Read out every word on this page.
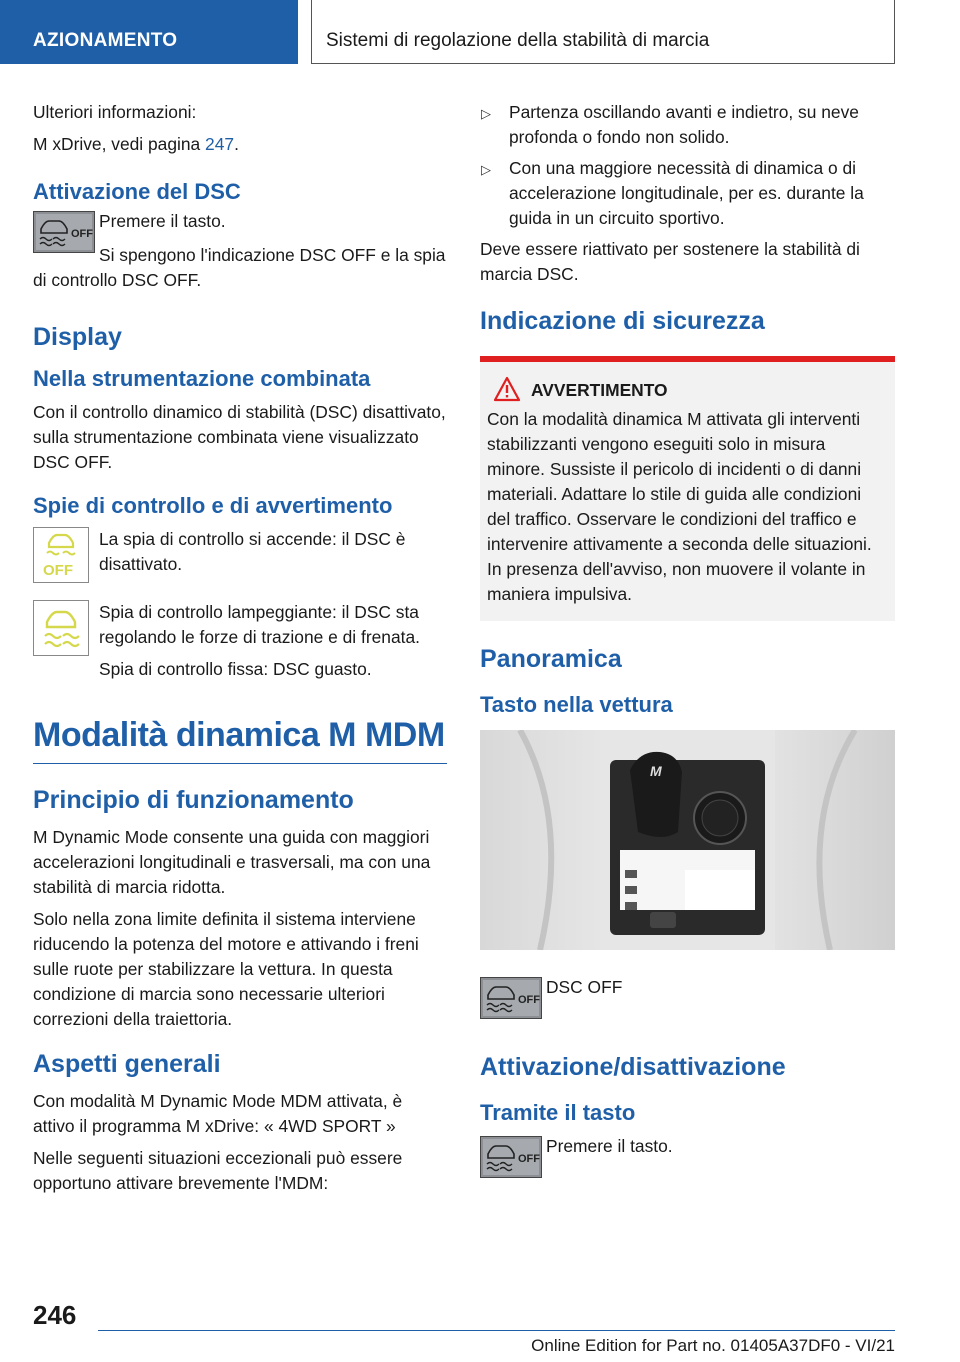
AZIONAMENTO	Sistemi di regolazione della stabilità di marcia

Ulteriori informazioni:

M xDrive, vedi pagina 247.

Attivazione del DSC
OFF

Premere il tasto.

Si spengono l'indicazione DSC OFF e la spia di controllo DSC OFF.

Display
Nella strumentazione combinata

Con il controllo dinamico di stabilità (DSC) disattivato, sulla strumentazione combinata viene visualizzato DSC OFF.

Spie di controllo e di avvertimento
OFF

La spia di controllo si accende: il DSC è disattivato.

Spia di controllo lampeggiante: il DSC sta regolando le forze di trazione e di frenata.

Spia di controllo fissa: DSC guasto.

Modalità dinamica M MDM
Principio di funzionamento

M Dynamic Mode consente una guida con maggiori accelerazioni longitudinali e trasversali, ma con una stabilità di marcia ridotta.

Solo nella zona limite definita il sistema interviene riducendo la potenza del motore e attivando i freni sulle ruote per stabilizzare la vettura. In questa condizione di marcia sono necessarie ulteriori correzioni della traiettoria.

Aspetti generali

Con modalità M Dynamic Mode MDM attivata, è attivo il programma M xDrive: « 4WD SPORT »

Nelle seguenti situazioni eccezionali può essere opportuno attivare brevemente l'MDM:

▷ Partenza oscillando avanti e indietro, su neve profonda o fondo non solido.
▷ Con una maggiore necessità di dinamica o di accelerazione longitudinale, per es. durante la guida in un circuito sportivo.

Deve essere riattivato per sostenere la stabilità di marcia DSC.

Indicazione di sicurezza
AVVERTIMENTO

Con la modalità dinamica M attivata gli interventi stabilizzanti vengono eseguiti solo in misura minore. Sussiste il pericolo di incidenti o di danni materiali. Adattare lo stile di guida alle condizioni del traffico. Osservare le condizioni del traffico e intervenire attivamente a seconda delle situazioni. In presenza dell'avviso, non muovere il volante in maniera impulsiva.

Panoramica
Tasto nella vettura
M
OFF

DSC OFF

Attivazione/disattivazione
Tramite il tasto
OFF

Premere il tasto.

246
Online Edition for Part no. 01405A37DF0 - VI/21
